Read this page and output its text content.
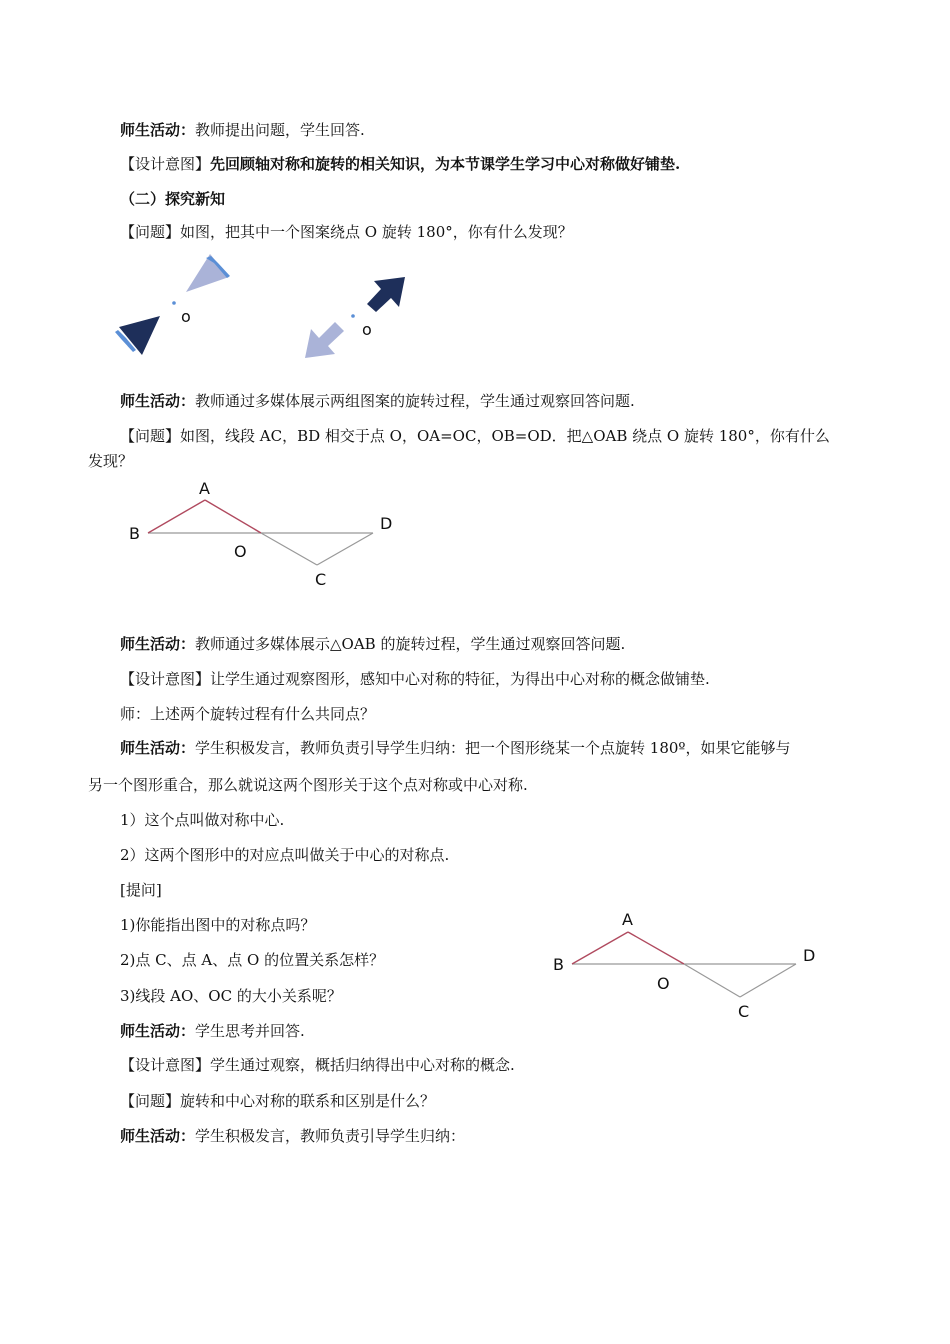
师生活动：教师提出问题，学生回答.
【设计意图】先回顾轴对称和旋转的相关知识，为本节课学生学习中心对称做好铺垫.
（二）探究新知
【问题】如图，把其中一个图案绕点 O 旋转 180°，你有什么发现？
o
o
师生活动：教师通过多媒体展示两组图案的旋转过程，学生通过观察回答问题.
【问题】如图，线段 AC，BD 相交于点 O，OA=OC，OB=OD．把△OAB 绕点 O 旋转 180°，你有什么
发现？
A
B
D
O
C
师生活动：教师通过多媒体展示△OAB 的旋转过程，学生通过观察回答问题.
【设计意图】让学生通过观察图形，感知中心对称的特征，为得出中心对称的概念做铺垫.
师：上述两个旋转过程有什么共同点？
师生活动：学生积极发言，教师负责引导学生归纳：把一个图形绕某一个点旋转 180º，如果它能够与
另一个图形重合，那么就说这两个图形关于这个点对称或中心对称.
1）这个点叫做对称中心.
2）这两个图形中的对应点叫做关于中心的对称点.
[提问]
1)你能指出图中的对称点吗？
2)点 C、点 A、点 O 的位置关系怎样？
3)线段 AO、OC 的大小关系呢？
A
B	D
O
C
师生活动：学生思考并回答.
【设计意图】学生通过观察，概括归纳得出中心对称的概念.
【问题】旋转和中心对称的联系和区别是什么？
师生活动：学生积极发言，教师负责引导学生归纳：
